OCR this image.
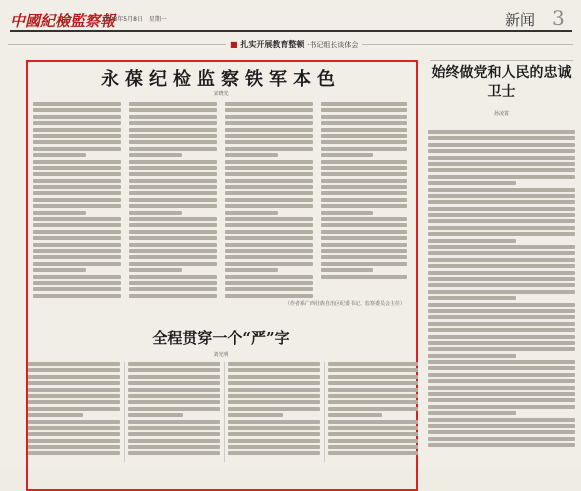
中國紀檢監察報
2023年5月8日　星期一	新闻 3
■ 扎实开展教育整顿 ·书记组长谈体会
永葆纪检监察铁军本色
宋晓光
（作者系广西壮族自治区纪委书记、监察委员会主任）
始终做党和人民的忠诚卫士
孙凌霄
全程贯穿一个“严”字
刘光明
